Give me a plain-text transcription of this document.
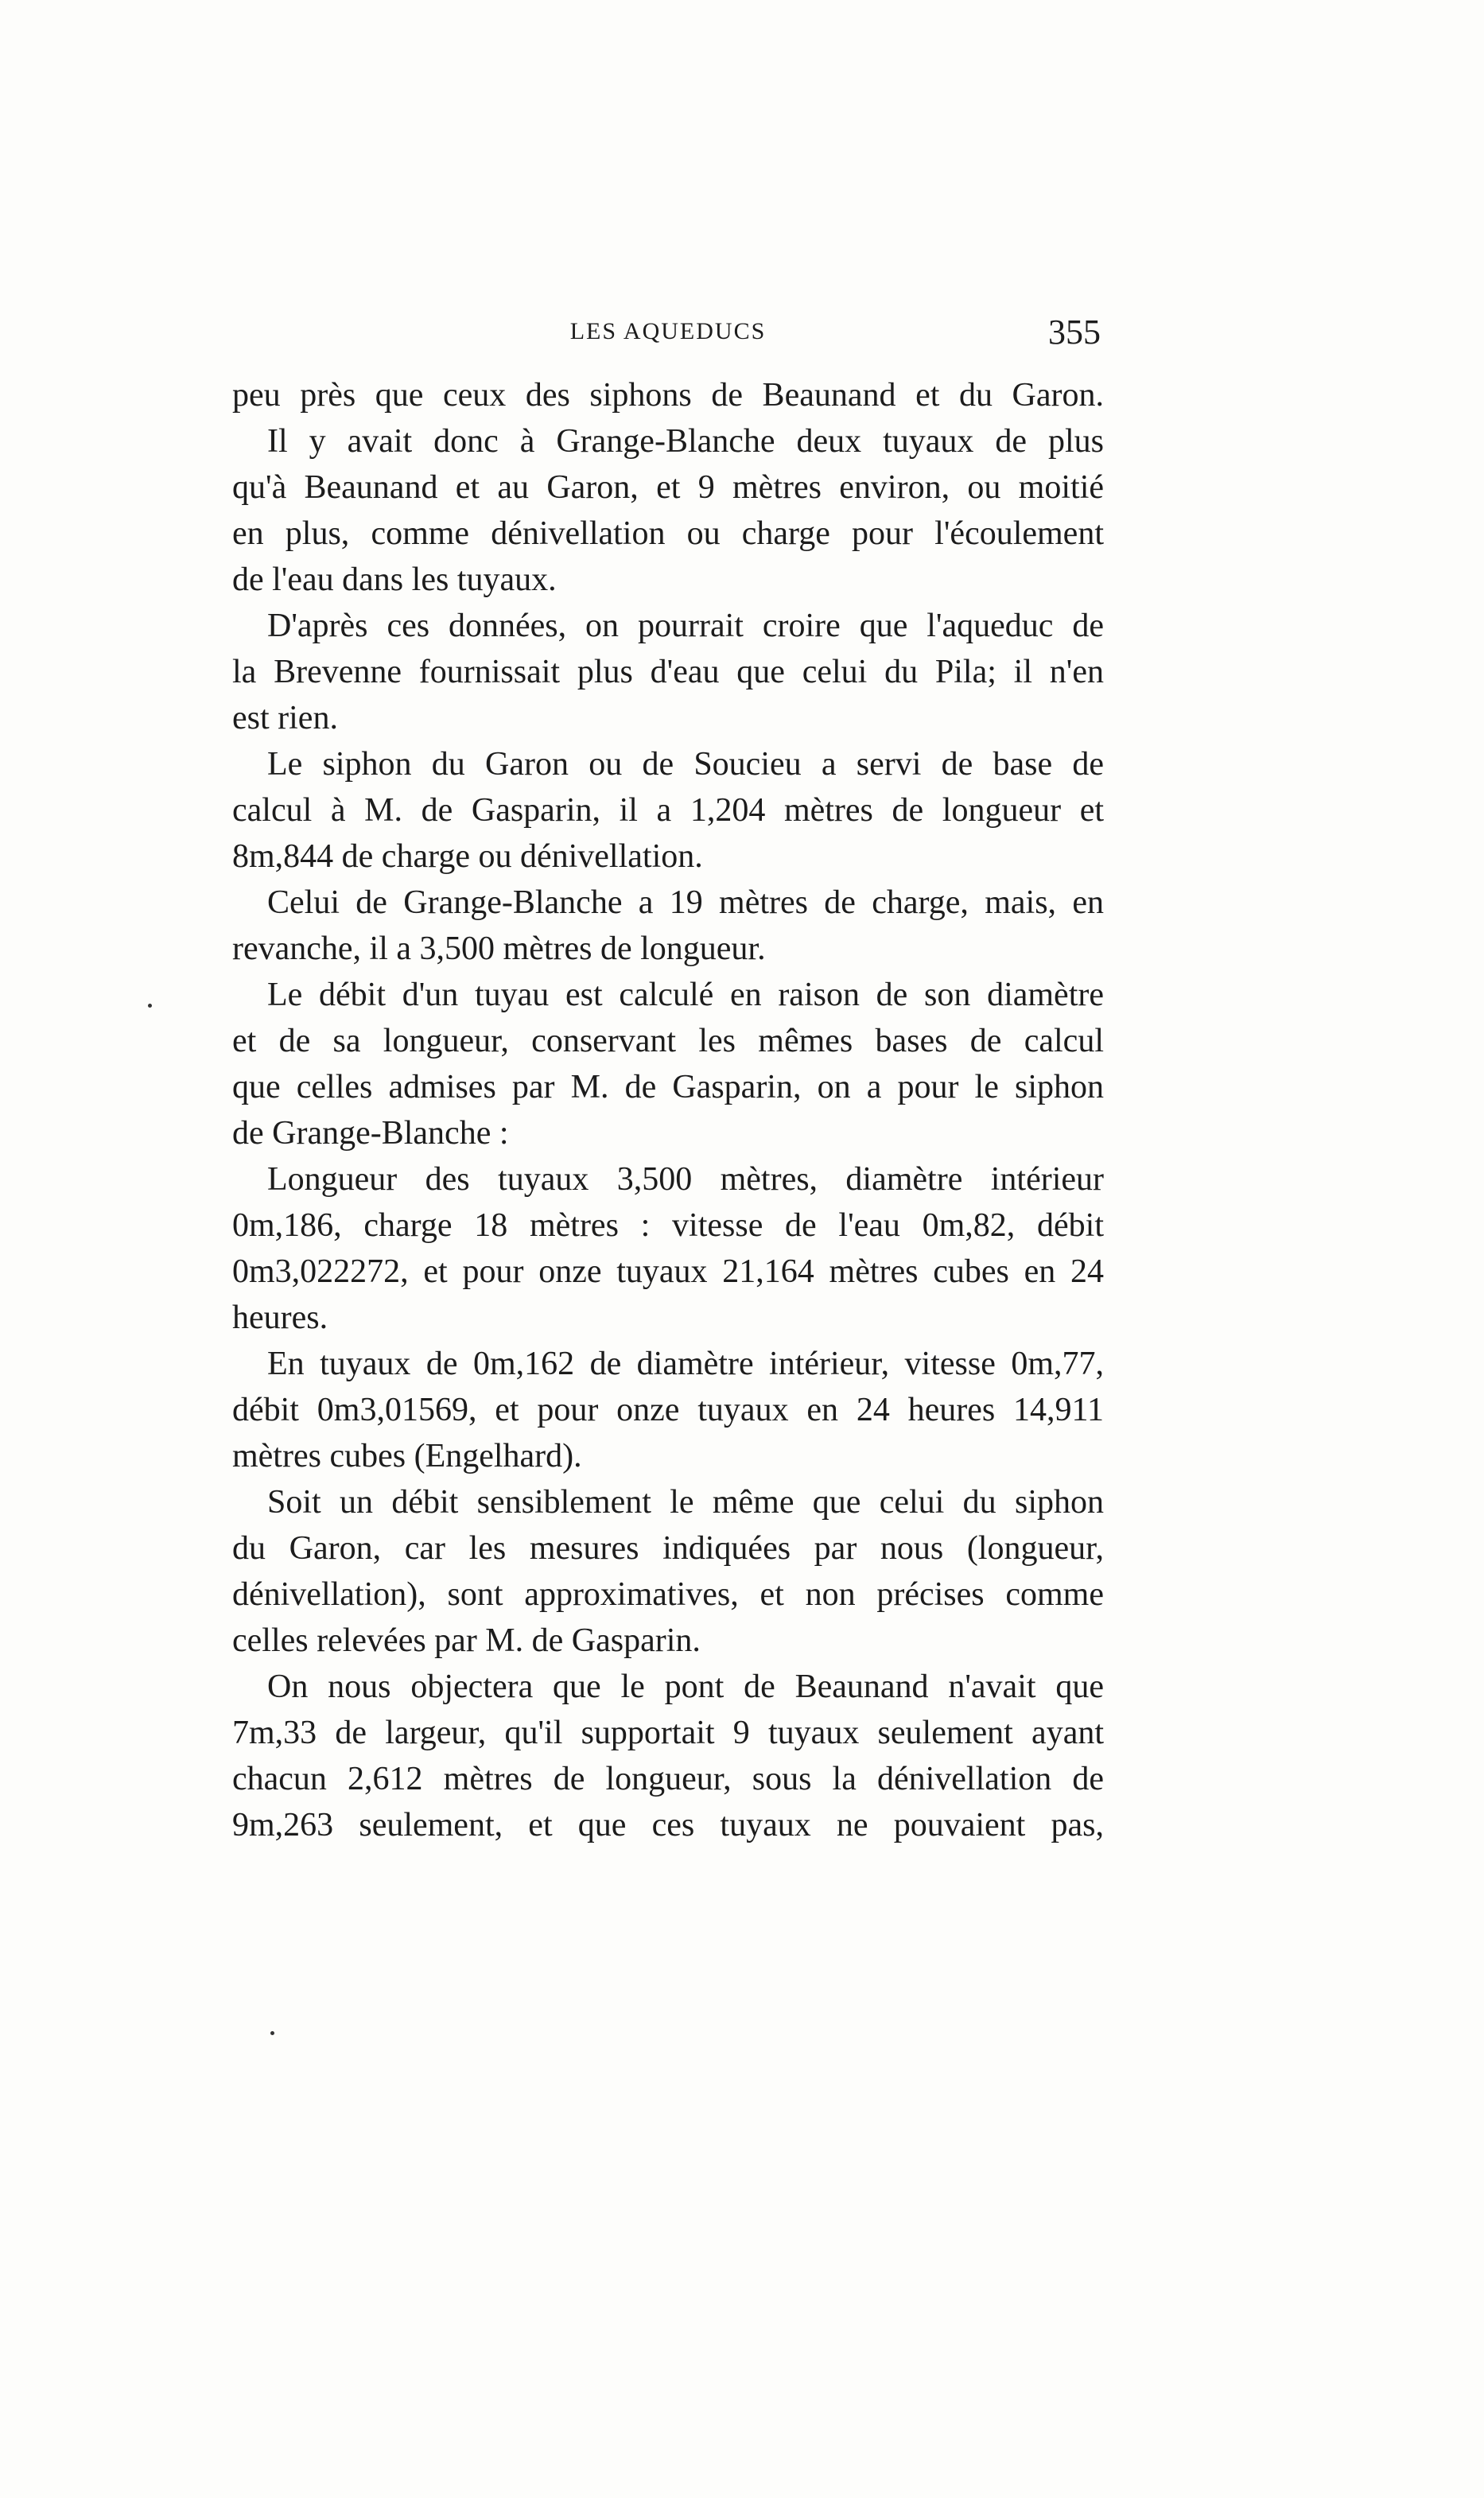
LES AQUEDUCS	355
peu près que ceux des siphons de Beaunand et du Garon.
Il y avait donc à Grange-Blanche deux tuyaux de plus
qu'à Beaunand et au Garon, et 9 mètres environ, ou moitié
en plus, comme dénivellation ou charge pour l'écoulement
de l'eau dans les tuyaux.
D'après ces données, on pourrait croire que l'aqueduc de
la Brevenne fournissait plus d'eau que celui du Pila; il n'en
est rien.
Le siphon du Garon ou de Soucieu a servi de base de
calcul à M. de Gasparin, il a 1,204 mètres de longueur et
8m,844 de charge ou dénivellation.
Celui de Grange-Blanche a 19 mètres de charge, mais, en
revanche, il a 3,500 mètres de longueur.
Le débit d'un tuyau est calculé en raison de son diamètre
et de sa longueur, conservant les mêmes bases de calcul
que celles admises par M. de Gasparin, on a pour le siphon
de Grange-Blanche :
Longueur des tuyaux 3,500 mètres, diamètre intérieur
0m,186, charge 18 mètres : vitesse de l'eau 0m,82, débit
0m3,022272, et pour onze tuyaux 21,164 mètres cubes en 24
heures.
En tuyaux de 0m,162 de diamètre intérieur, vitesse 0m,77,
débit 0m3,01569, et pour onze tuyaux en 24 heures 14,911
mètres cubes (Engelhard).
Soit un débit sensiblement le même que celui du siphon
du Garon, car les mesures indiquées par nous (longueur,
dénivellation), sont approximatives, et non précises comme
celles relevées par M. de Gasparin.
On nous objectera que le pont de Beaunand n'avait que
7m,33 de largeur, qu'il supportait 9 tuyaux seulement ayant
chacun 2,612 mètres de longueur, sous la dénivellation de
9m,263 seulement, et que ces tuyaux ne pouvaient pas,
